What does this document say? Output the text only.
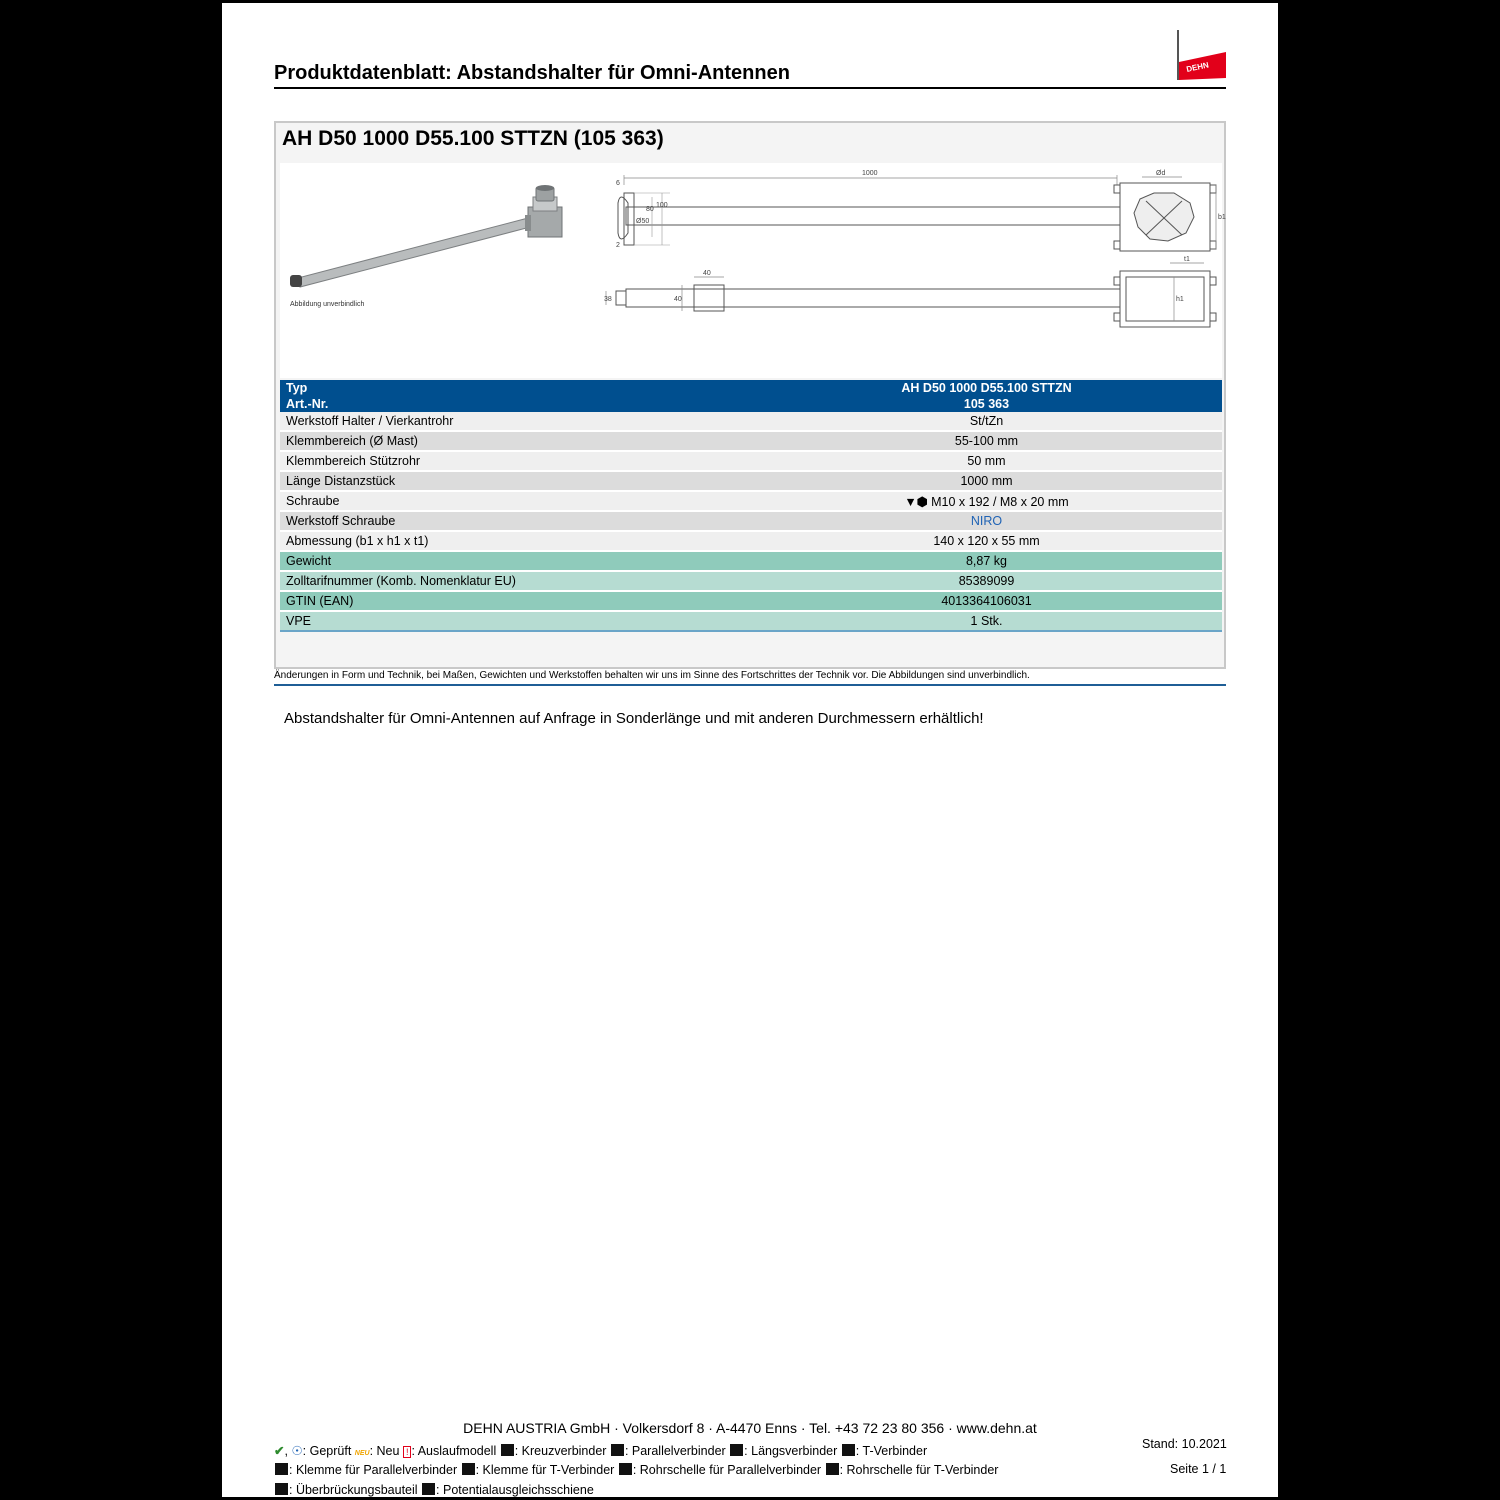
Produktdatenblatt: Abstandshalter für Omni-Antennen	DEHN
AH D50 1000 D55.100 STTZN (105 363)
Abbildung unverbindlich
1000	Ød
b1
h1
t1
6
2
Ø50
80
100
40
38	40
Typ	AH D50 1000 D55.100 STTZN
Art.-Nr.	105 363
Werkstoff Halter / Vierkantrohr	St/tZn
Klemmbereich (Ø Mast)	55-100 mm
Klemmbereich Stützrohr	50 mm
Länge Distanzstück	1000 mm
Schraube	▼⬢ M10 x 192 / M8 x 20 mm
Werkstoff Schraube	NIRO
Abmessung (b1 x h1 x t1)	140 x 120 x 55 mm
Gewicht	8,87 kg
Zolltarifnummer (Komb. Nomenklatur EU)	85389099
GTIN (EAN)	4013364106031
VPE	1 Stk.
Änderungen in Form und Technik, bei Maßen, Gewichten und Werkstoffen behalten wir uns im Sinne des Fortschrittes der Technik vor. Die Abbildungen sind unverbindlich.
Abstandshalter für Omni-Antennen auf Anfrage in Sonderlänge und mit anderen Durchmessern erhältlich!
DEHN AUSTRIA GmbH · Volkersdorf 8 · A-4470 Enns · Tel. +43 72 23 80 356 · www.dehn.at
✔, ☉: Geprüft NEU: Neu ! : Auslaufmodell : Kreuzverbinder : Parallelverbinder : Längsverbinder : T-Verbinder
: Klemme für Parallelverbinder : Klemme für T-Verbinder : Rohrschelle für Parallelverbinder : Rohrschelle für T-Verbinder
: Überbrückungsbauteil : Potentialausgleichsschiene
Stand: 10.2021
Seite 1 / 1
